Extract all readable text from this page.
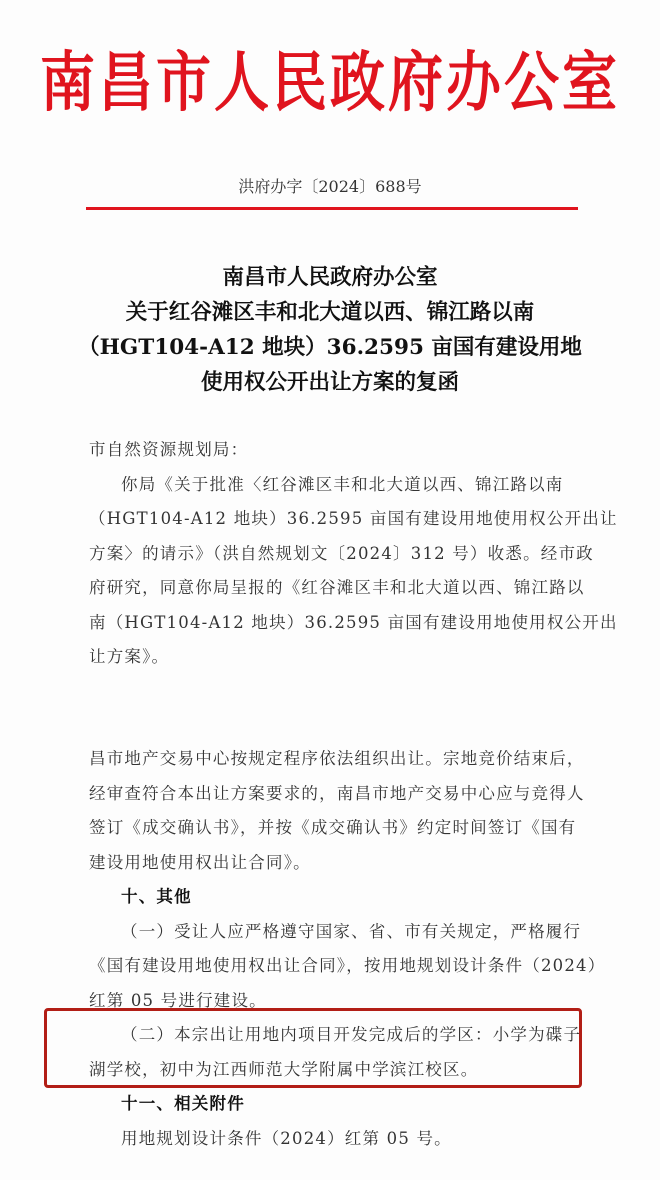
南昌市人民政府办公室
洪府办字〔2024〕688号
南昌市人民政府办公室
关于红谷滩区丰和北大道以西、锦江路以南
（HGT104-A12 地块）36.2595 亩国有建设用地
使用权公开出让方案的复函
市自然资源规划局：
你局《关于批准〈红谷滩区丰和北大道以西、锦江路以南
（HGT104-A12 地块）36.2595 亩国有建设用地使用权公开出让
方案〉的请示》（洪自然规划文〔2024〕312 号）收悉。经市政
府研究，同意你局呈报的《红谷滩区丰和北大道以西、锦江路以
南（HGT104-A12 地块）36.2595 亩国有建设用地使用权公开出
让方案》。
昌市地产交易中心按规定程序依法组织出让。宗地竞价结束后，
经审查符合本出让方案要求的，南昌市地产交易中心应与竞得人
签订《成交确认书》，并按《成交确认书》约定时间签订《国有
建设用地使用权出让合同》。
十、其他
（一）受让人应严格遵守国家、省、市有关规定，严格履行
《国有建设用地使用权出让合同》，按用地规划设计条件（2024）
红第 05 号进行建设。
（二）本宗出让用地内项目开发完成后的学区：小学为碟子
湖学校，初中为江西师范大学附属中学滨江校区。
十一、相关附件
用地规划设计条件（2024）红第 05 号。
